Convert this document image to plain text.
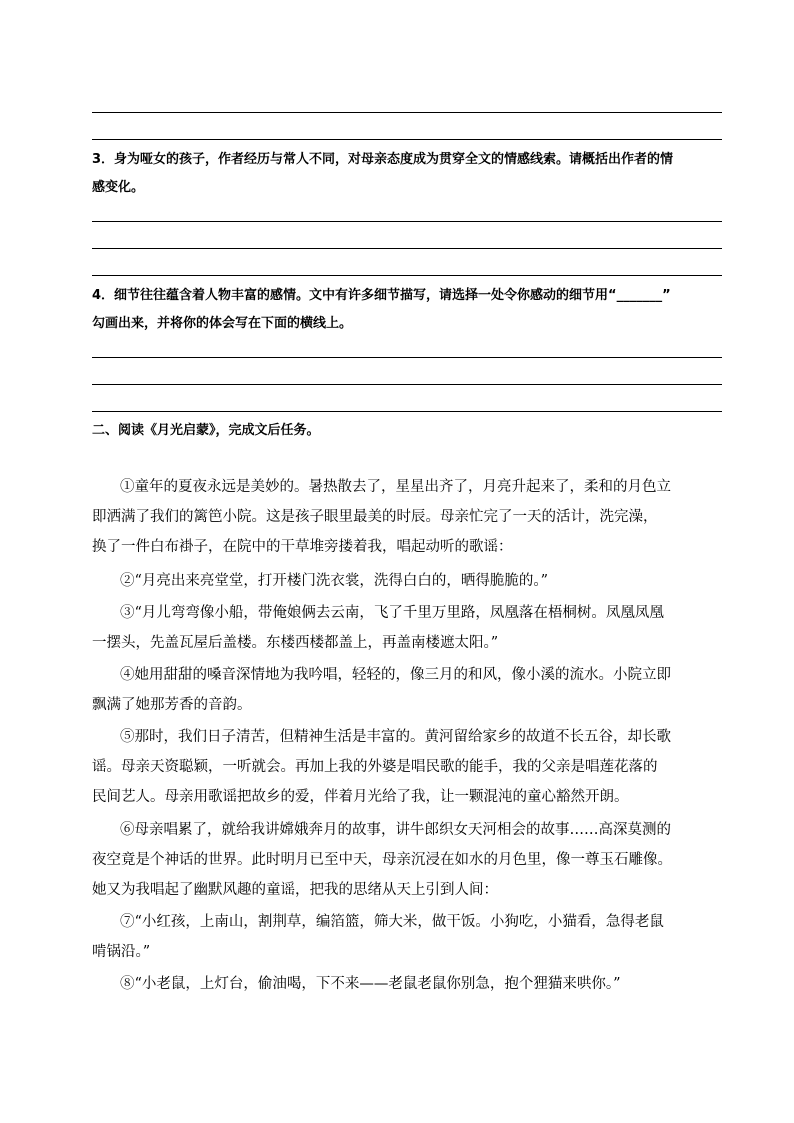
3．身为哑女的孩子，作者经历与常人不同，对母亲态度成为贯穿全文的情感线索。请概括出作者的情
感变化。
4．细节往往蕴含着人物丰富的感情。文中有许多细节描写，请选择一处令你感动的细节用“_______”
勾画出来，并将你的体会写在下面的横线上。
二、阅读《月光启蒙》，完成文后任务。
①童年的夏夜永远是美妙的。暑热散去了，星星出齐了，月亮升起来了，柔和的月色立
即洒满了我们的篱笆小院。这是孩子眼里最美的时辰。母亲忙完了一天的活计，洗完澡，
换了一件白布褂子，在院中的干草堆旁搂着我，唱起动听的歌谣：
②“月亮出来亮堂堂，打开楼门洗衣裳，洗得白白的，晒得脆脆的。”
③“月儿弯弯像小船，带俺娘俩去云南，飞了千里万里路，凤凰落在梧桐树。凤凰凤凰
一摆头，先盖瓦屋后盖楼。东楼西楼都盖上，再盖南楼遮太阳。”
④她用甜甜的嗓音深情地为我吟唱，轻轻的，像三月的和风，像小溪的流水。小院立即
飘满了她那芳香的音韵。
⑤那时，我们日子清苦，但精神生活是丰富的。黄河留给家乡的故道不长五谷，却长歌
谣。母亲天资聪颖，一听就会。再加上我的外婆是唱民歌的能手，我的父亲是唱莲花落的
民间艺人。母亲用歌谣把故乡的爱，伴着月光给了我，让一颗混沌的童心豁然开朗。
⑥母亲唱累了，就给我讲嫦娥奔月的故事，讲牛郎织女天河相会的故事……高深莫测的
夜空竟是个神话的世界。此时明月已至中天，母亲沉浸在如水的月色里，像一尊玉石雕像。
她又为我唱起了幽默风趣的童谣，把我的思绪从天上引到人间：
⑦“小红孩，上南山，割荆草，编箔篮，筛大米，做干饭。小狗吃，小猫看，急得老鼠
啃锅沿。”
⑧“小老鼠，上灯台，偷油喝，下不来——老鼠老鼠你别急，抱个狸猫来哄你。”
